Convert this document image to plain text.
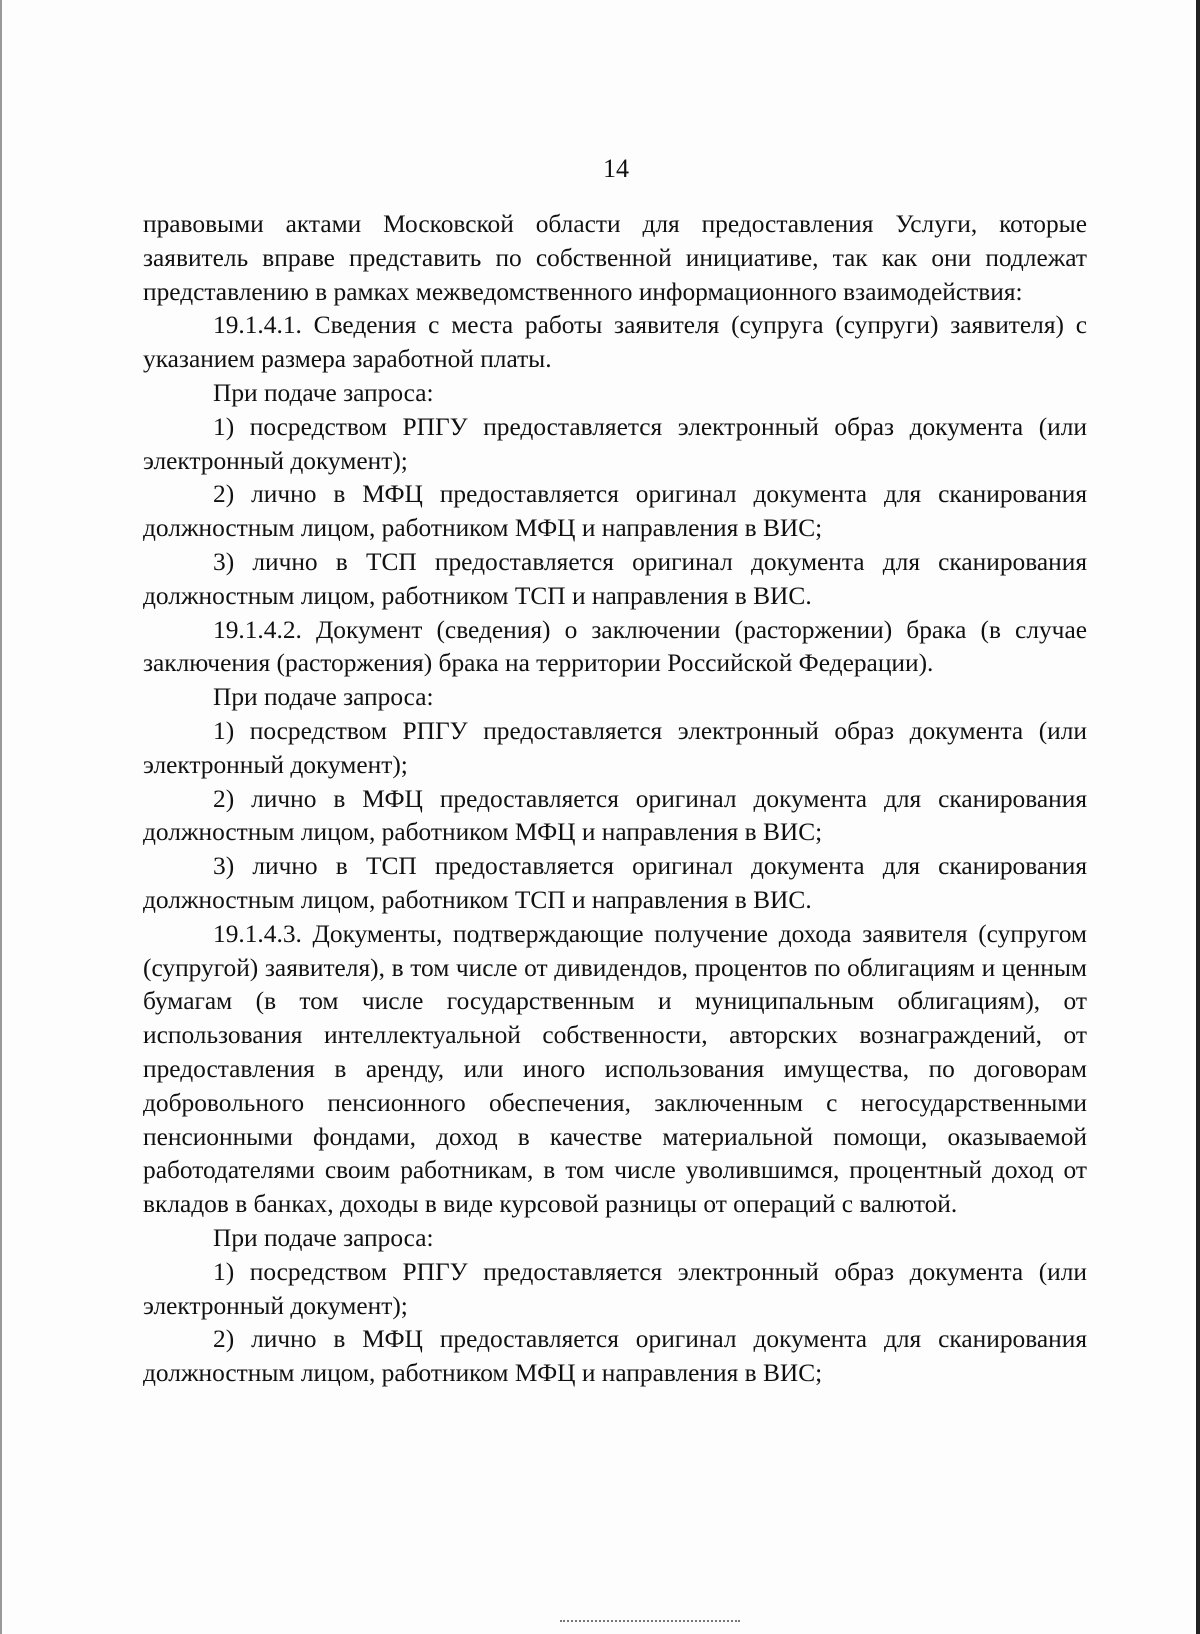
14

правовыми актами Московской области для предоставления Услуги, которые заявитель вправе представить по собственной инициативе, так как они подлежат представлению в рамках межведомственного информационного взаимодействия:

19.1.4.1. Сведения с места работы заявителя (супруга (супруги) заявителя) с указанием размера заработной платы.

При подаче запроса:

1) посредством РПГУ предоставляется электронный образ документа (или электронный документ);

2) лично в МФЦ предоставляется оригинал документа для сканирования должностным лицом, работником МФЦ и направления в ВИС;

3) лично в ТСП предоставляется оригинал документа для сканирования должностным лицом, работником ТСП и направления в ВИС.

19.1.4.2. Документ (сведения) о заключении (расторжении) брака (в случае заключения (расторжения) брака на территории Российской Федерации).

При подаче запроса:

1) посредством РПГУ предоставляется электронный образ документа (или электронный документ);

2) лично в МФЦ предоставляется оригинал документа для сканирования должностным лицом, работником МФЦ и направления в ВИС;

3) лично в ТСП предоставляется оригинал документа для сканирования должностным лицом, работником ТСП и направления в ВИС.

19.1.4.3. Документы, подтверждающие получение дохода заявителя (супругом (супругой) заявителя), в том числе от дивидендов, процентов по облигациям и ценным бумагам (в том числе государственным и муниципальным облигациям), от использования интеллектуальной собственности, авторских вознаграждений, от предоставления в аренду, или иного использования имущества, по договорам добровольного пенсионного обеспечения, заключенным с негосударственными пенсионными фондами, доход в качестве материальной помощи, оказываемой работодателями своим работникам, в том числе уволившимся, процентный доход от вкладов в банках, доходы в виде курсовой разницы от операций с валютой.

При подаче запроса:

1) посредством РПГУ предоставляется электронный образ документа (или электронный документ);

2) лично в МФЦ предоставляется оригинал документа для сканирования должностным лицом, работником МФЦ и направления в ВИС;
